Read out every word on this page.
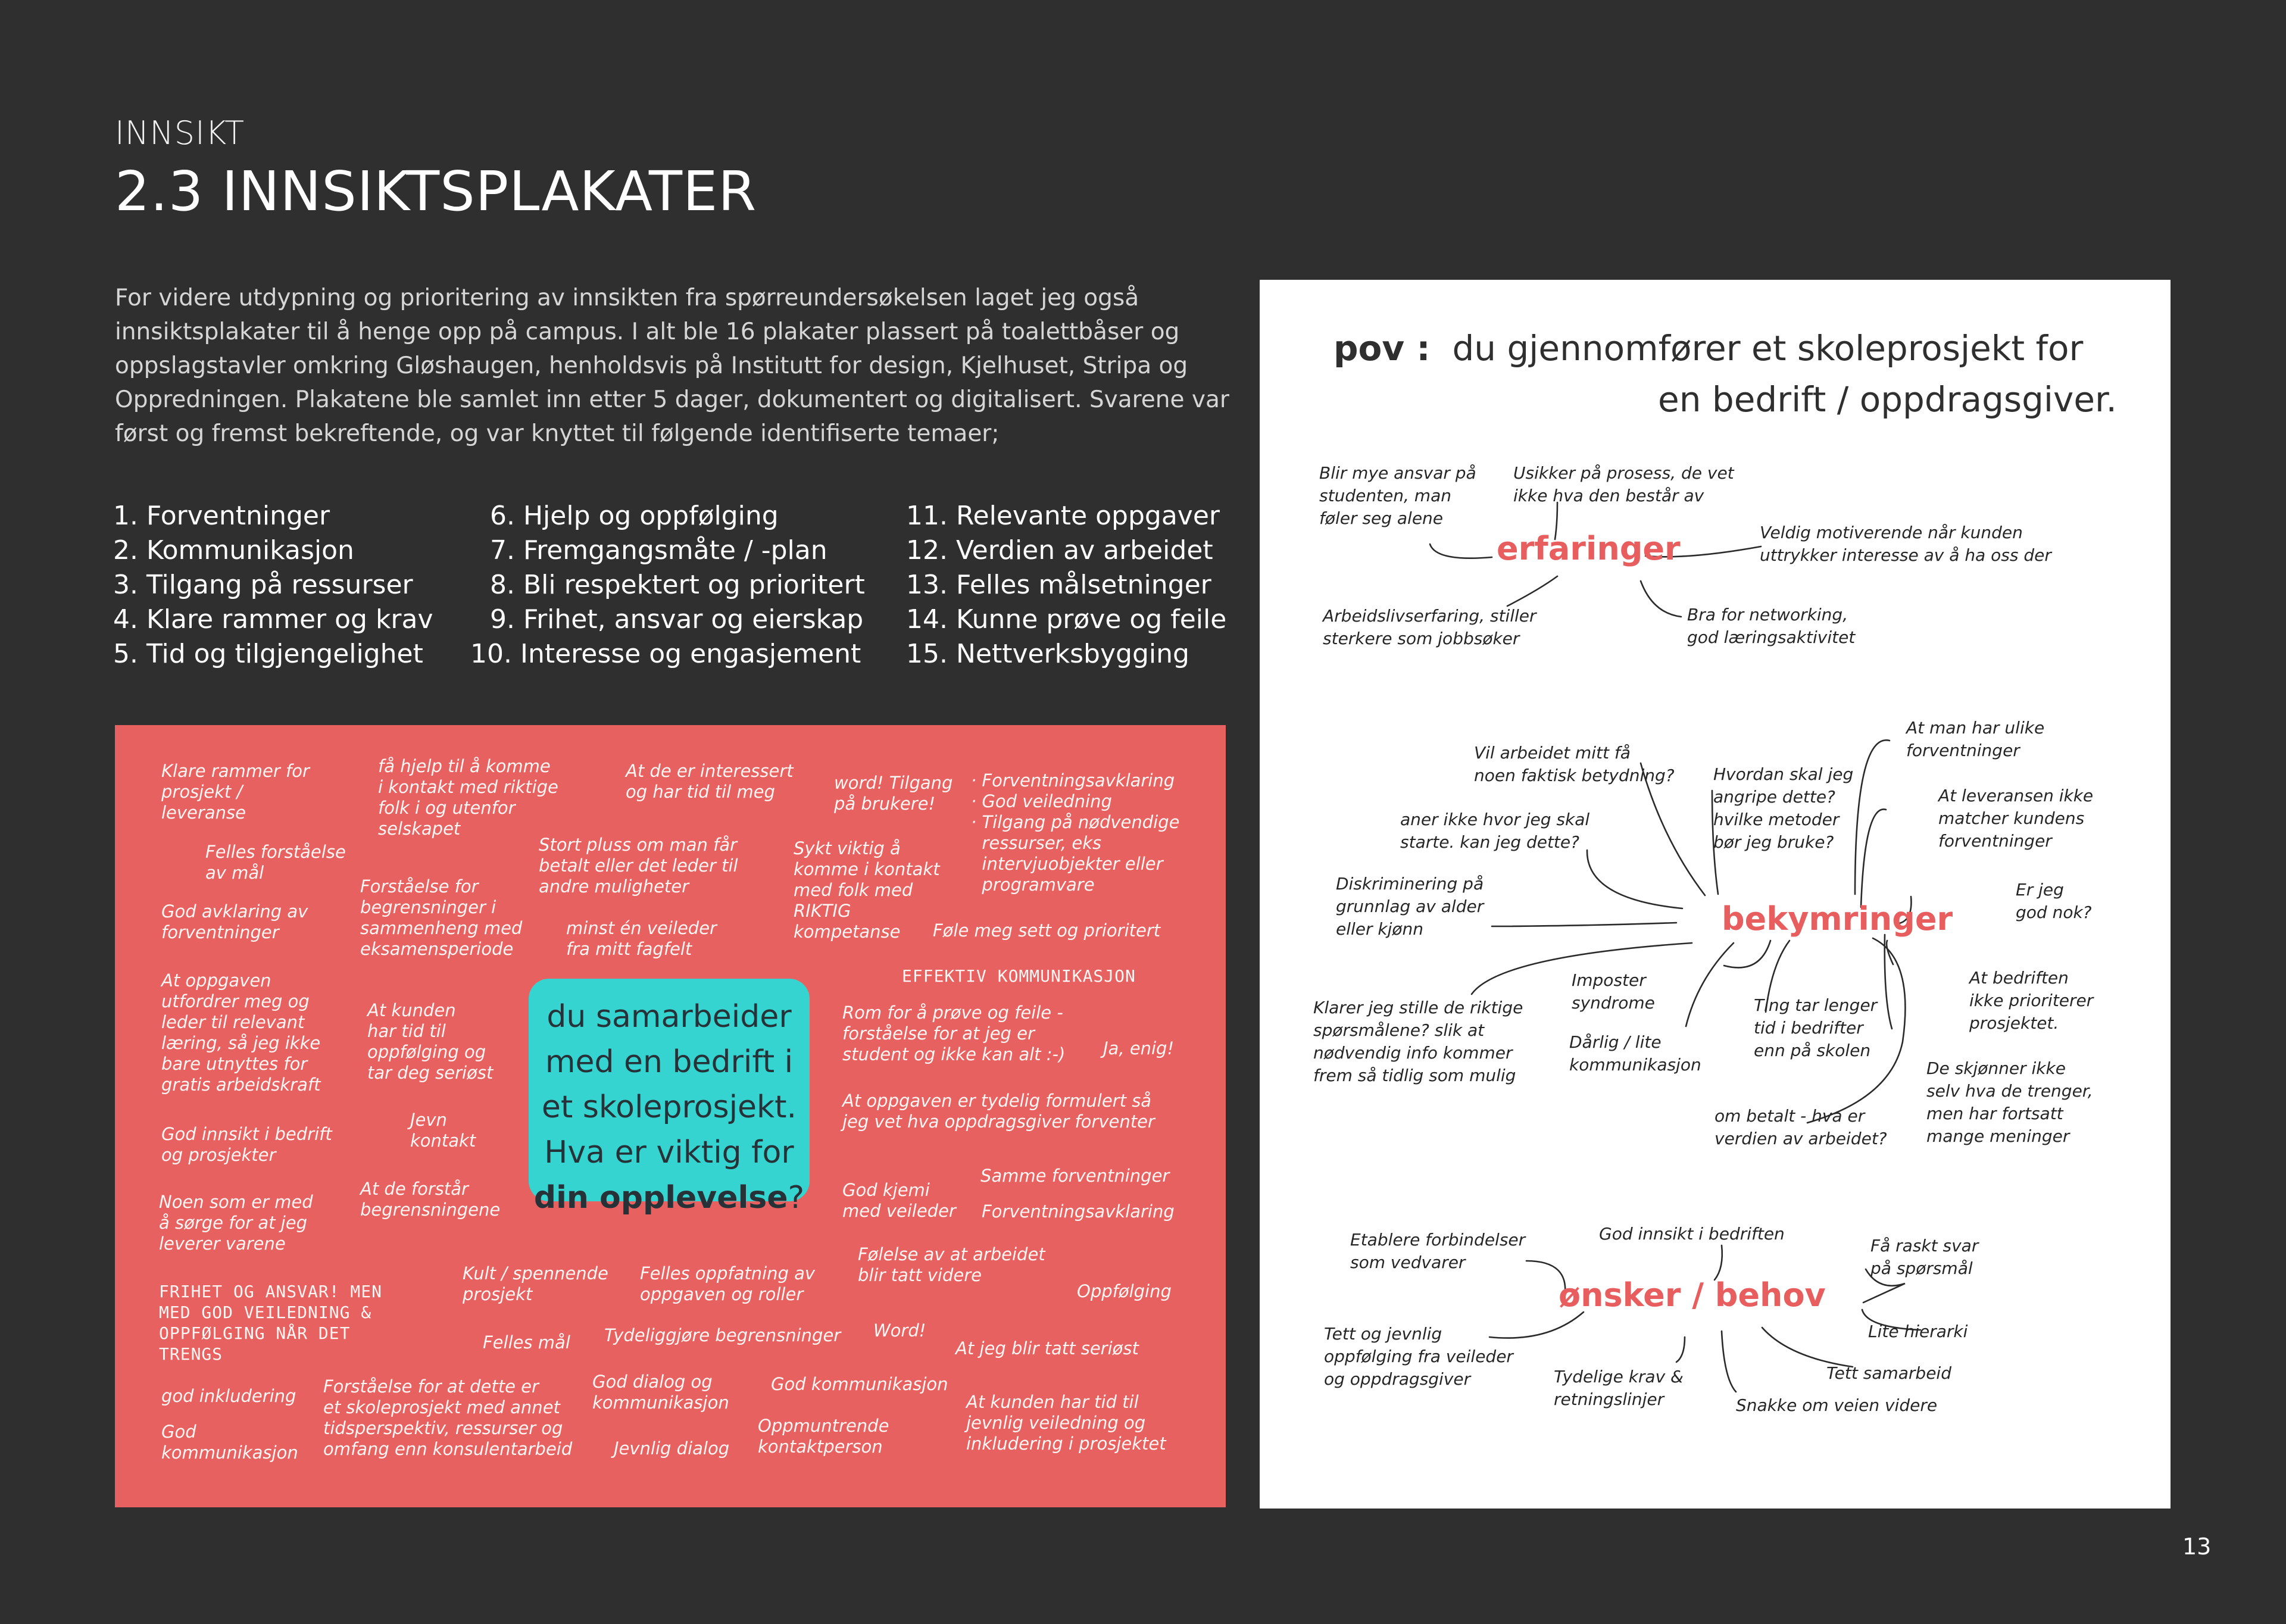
INNSIKT
2.3 INNSIKTSPLAKATER
For videre utdypning og prioritering av innsikten fra spørreundersøkelsen laget jeg også innsiktsplakater til å henge opp på campus. I alt ble 16 plakater plassert på toalettbåser og oppslagstavler omkring Gløshaugen, henholdsvis på Institutt for design, Kjelhuset, Stripa og Oppredningen. Plakatene ble samlet inn etter 5 dager, dokumentert og digitalisert. Svarene var først og fremst bekreftende, og var knyttet til følgende identifiserte temaer;
1. Forventninger
2. Kommunikasjon
3. Tilgang på ressurser
4. Klare rammer og krav
5. Tid og tilgjengelighet
6. Hjelp og oppfølging
7. Fremgangsmåte / -plan
8. Bli respektert og prioritert
9. Frihet, ansvar og eierskap
10. Interesse og engasjement
11. Relevante oppgaver
12. Verdien av arbeidet
13. Felles målsetninger
14. Kunne prøve og feile
15. Nettverksbygging
Klare rammer for
prosjekt /
leveranse
få hjelp til å komme
i kontakt med riktige
folk i og utenfor
selskapet
At de er interessert
og har tid til meg	word! Tilgang
på brukere!
· Forventningsavklaring
· God veiledning
· Tilgang på nødvendige
ressurser, eks
intervjuobjekter eller
programvare
Felles forståelse
av mål
Stort pluss om man får
betalt eller det leder til
andre muligheter
Sykt viktig å
komme i kontakt
med folk med
RIKTIG
kompetanse
God avklaring av
forventninger
Forståelse for
begrensninger i
sammenheng med
eksamensperiode
minst én veileder
fra mitt fagfelt
Føle meg sett og prioritert
EFFEKTIV KOMMUNIKASJON
At oppgaven
utfordrer meg og
leder til relevant
læring, så jeg ikke
bare utnyttes for
gratis arbeidskraft
At kunden
har tid til
oppfølging og
tar deg seriøst
Rom for å prøve og feile -
forståelse for at jeg er
student og ikke kan alt :-) Ja, enig!
Jevn
kontakt
At oppgaven er tydelig formulert så
jeg vet hva oppdragsgiver forventer
God innsikt i bedrift
og prosjekter
At de forstår
begrensningene
God kjemi
med veileder
Samme forventninger
Forventningsavklaring
Noen som er med
å sørge for at jeg
leverer varene
Følelse av at arbeidet
blir tatt videre
Kult / spennende
prosjekt
Felles oppfatning av
oppgaven og roller	Oppfølging
FRIHET OG ANSVAR! MEN
MED GOD VEILEDNING &
OPPFØLGING NÅR DET
TRENGS
Felles mål Tydeliggjøre begrensninger Word!
At jeg blir tatt seriøst
God dialog og
kommunikasjon
God kommunikasjon
god inkludering Forståelse for at dette er
et skoleprosjekt med annet
tidsperspektiv, ressurser og
omfang enn konsulentarbeid
At kunden har tid til
jevnlig veiledning og
inkludering i prosjektet
God
kommunikasjon
Oppmuntrende
kontaktperson
Jevnlig dialog
du samarbeider
med en bedrift i
et skoleprosjekt.
Hva er viktig for
din opplevelse?
pov : du gjennomfører et skoleprosjekt for
en bedrift / oppdragsgiver.
erfaringer
Blir mye ansvar på
studenten, man
føler seg alene
Usikker på prosess, de vet
ikke hva den består av
Veldig motiverende når kunden
uttrykker interesse av å ha oss der
Arbeidslivserfaring, stiller
sterkere som jobbsøker
Bra for networking,
god læringsaktivitet
bekymringer
Vil arbeidet mitt få
noen faktisk betydning? Hvordan skal jeg
angripe dette?
hvilke metoder
bør jeg bruke?
At man har ulike
forventninger
aner ikke hvor jeg skal
starte. kan jeg dette?
At leveransen ikke
matcher kundens
forventninger
Diskriminering på
grunnlag av alder
eller kjønn
Er jeg
god nok?
Imposter
syndrome
At bedriften
ikke prioriterer
prosjektet.
Klarer jeg stille de riktige
spørsmålene? slik at
nødvendig info kommer
frem så tidlig som mulig
Ting tar lenger
tid i bedrifter
enn på skolen
Dårlig / lite
kommunikasjon	De skjønner ikke
selv hva de trenger,
men har fortsatt
mange meninger
om betalt - hva er
verdien av arbeidet?
ønsker / behov
Etablere forbindelser
som vedvarer
God innsikt i bedriften
Få raskt svar
på spørsmål
Tett og jevnlig
oppfølging fra veileder
og oppdragsgiver
Lite hierarki
Tett samarbeid
Tydelige krav &
retningslinjer	Snakke om veien videre
13
